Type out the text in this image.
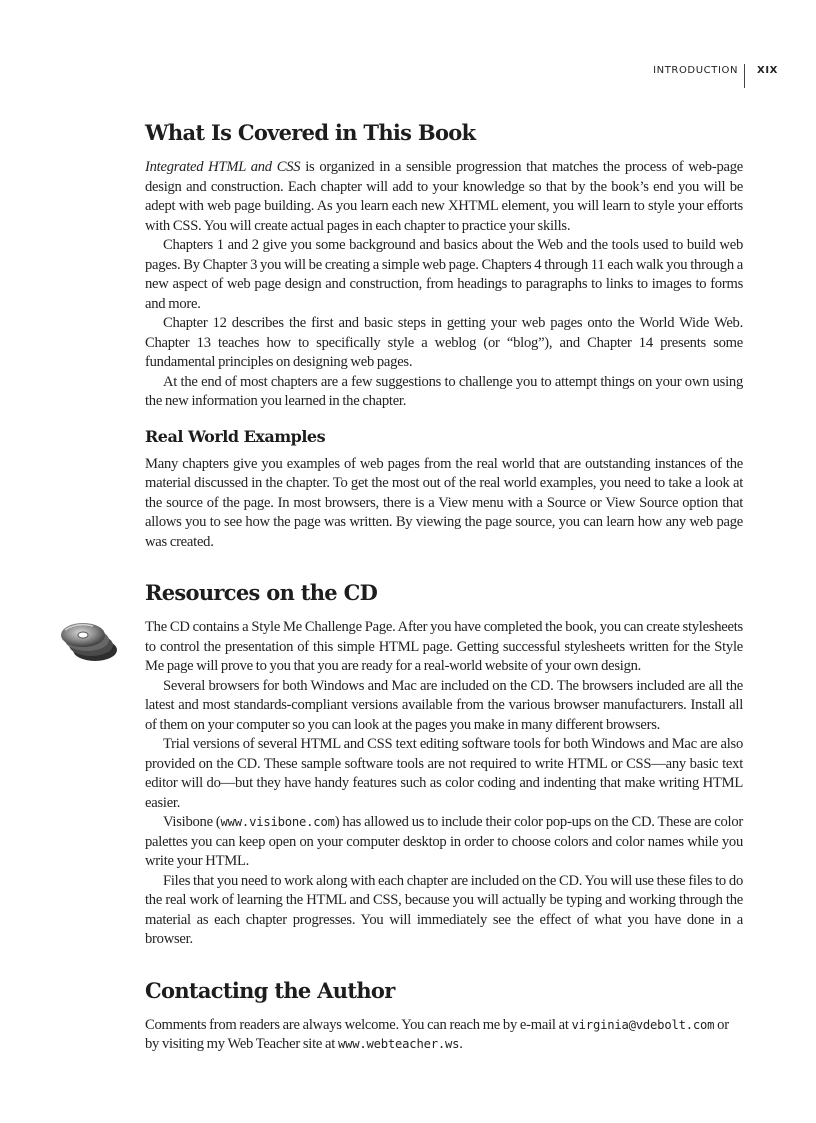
INTRODUCTION	XIX
What Is Covered in This Book

Integrated HTML and CSS is organized in a sensible progression that matches the process of web-page design and construction. Each chapter will add to your knowledge so that by the book’s end you will be adept with web page building. As you learn each new XHTML element, you will learn to style your efforts with CSS. You will create actual pages in each chapter to practice your skills.

Chapters 1 and 2 give you some background and basics about the Web and the tools used to build web pages. By Chapter 3 you will be creating a simple web page. Chapters 4 through 11 each walk you through a new aspect of web page design and construction, from headings to paragraphs to links to images to forms and more.

Chapter 12 describes the first and basic steps in getting your web pages onto the World Wide Web. Chapter 13 teaches how to specifically style a weblog (or “blog”), and Chapter 14 presents some fundamental principles on designing web pages.

At the end of most chapters are a few suggestions to challenge you to attempt things on your own using the new information you learned in the chapter.

Real World Examples

Many chapters give you examples of web pages from the real world that are outstanding instances of the material discussed in the chapter. To get the most out of the real world examples, you need to take a look at the source of the page. In most browsers, there is a View menu with a Source or View Source option that allows you to see how the page was written. By viewing the page source, you can learn how any web page was created.

Resources on the CD

The CD contains a Style Me Challenge Page. After you have completed the book, you can create stylesheets to control the presentation of this simple HTML page. Getting successful stylesheets written for the Style Me page will prove to you that you are ready for a real-world website of your own design.

Several browsers for both Windows and Mac are included on the CD. The browsers included are all the latest and most standards-compliant versions available from the various browser manufacturers. Install all of them on your computer so you can look at the pages you make in many different browsers.

Trial versions of several HTML and CSS text editing software tools for both Windows and Mac are also provided on the CD. These sample software tools are not required to write HTML or CSS—any basic text editor will do—but they have handy features such as color coding and indenting that make writing HTML easier.

Visibone (www.visibone.com) has allowed us to include their color pop-ups on the CD. These are color palettes you can keep open on your computer desktop in order to choose colors and color names while you write your HTML.

Files that you need to work along with each chapter are included on the CD. You will use these files to do the real work of learning the HTML and CSS, because you will actually be typing and working through the material as each chapter progresses. You will immediately see the effect of what you have done in a browser.

Contacting the Author

Comments from readers are always welcome. You can reach me by e-mail at virginia@vdebolt.com or by visiting my Web Teacher site at www.webteacher.ws.
